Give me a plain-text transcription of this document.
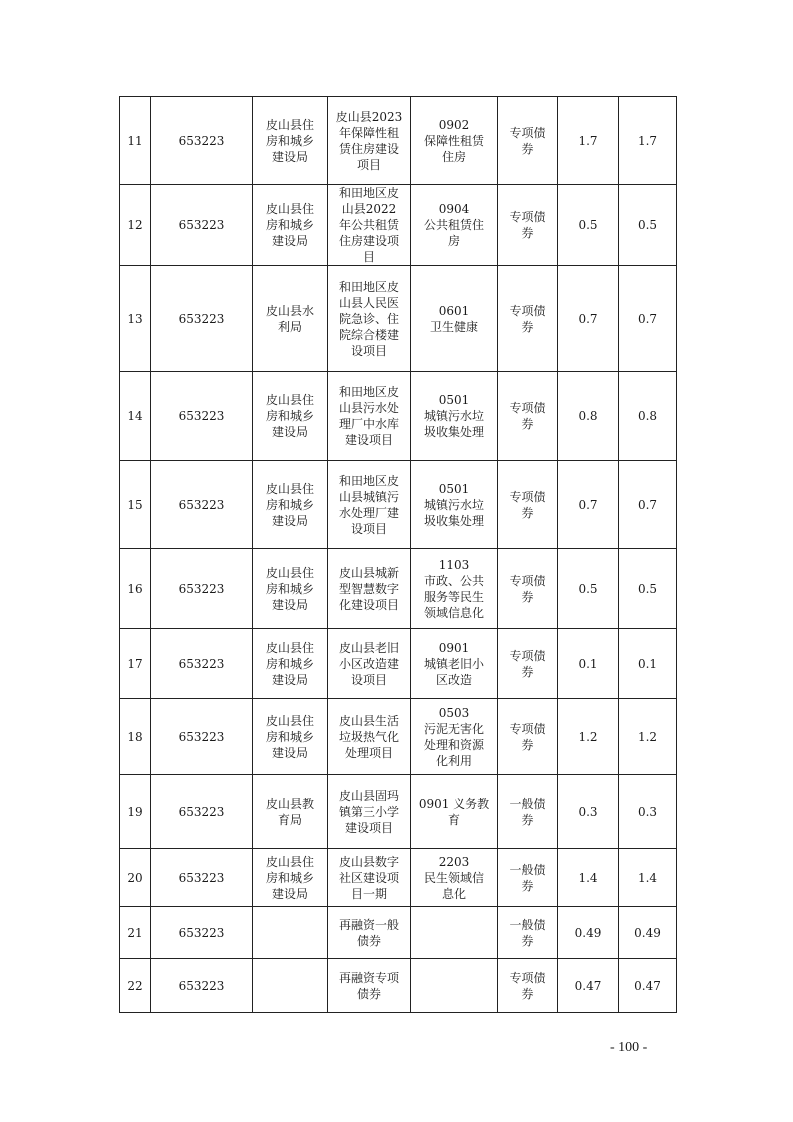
11	653223	皮山县住
房和城乡
建设局	皮山县2023
年保障性租
赁住房建设
项目	0902
保障性租赁
住房	专项债
券	1.7	1.7
12	653223	皮山县住
房和城乡
建设局	和田地区皮
山县2022
年公共租赁
住房建设项
目	0904
公共租赁住
房	专项债
券	0.5	0.5
13	653223	皮山县水
利局	和田地区皮
山县人民医
院急诊、住
院综合楼建
设项目	0601
卫生健康	专项债
券	0.7	0.7
14	653223	皮山县住
房和城乡
建设局	和田地区皮
山县污水处
理厂中水库
建设项目	0501
城镇污水垃
圾收集处理	专项债
券	0.8	0.8
15	653223	皮山县住
房和城乡
建设局	和田地区皮
山县城镇污
水处理厂建
设项目	0501
城镇污水垃
圾收集处理	专项债
券	0.7	0.7
16	653223	皮山县住
房和城乡
建设局	皮山县城新
型智慧数字
化建设项目	1103
市政、公共
服务等民生
领域信息化	专项债
券	0.5	0.5
17	653223	皮山县住
房和城乡
建设局	皮山县老旧
小区改造建
设项目	0901
城镇老旧小
区改造	专项债
券	0.1	0.1
18	653223	皮山县住
房和城乡
建设局	皮山县生活
垃圾热气化
处理项目	0503
污泥无害化
处理和资源
化利用	专项债
券	1.2	1.2
19	653223	皮山县教
育局	皮山县固玛
镇第三小学
建设项目	0901 义务教
育	一般债
券	0.3	0.3
20	653223	皮山县住
房和城乡
建设局	皮山县数字
社区建设项
目一期	2203
民生领域信
息化	一般债
券	1.4	1.4
21	653223		再融资一般
债券		一般债
券	0.49	0.49
22	653223		再融资专项
债券		专项债
券	0.47	0.47
- 100 -
